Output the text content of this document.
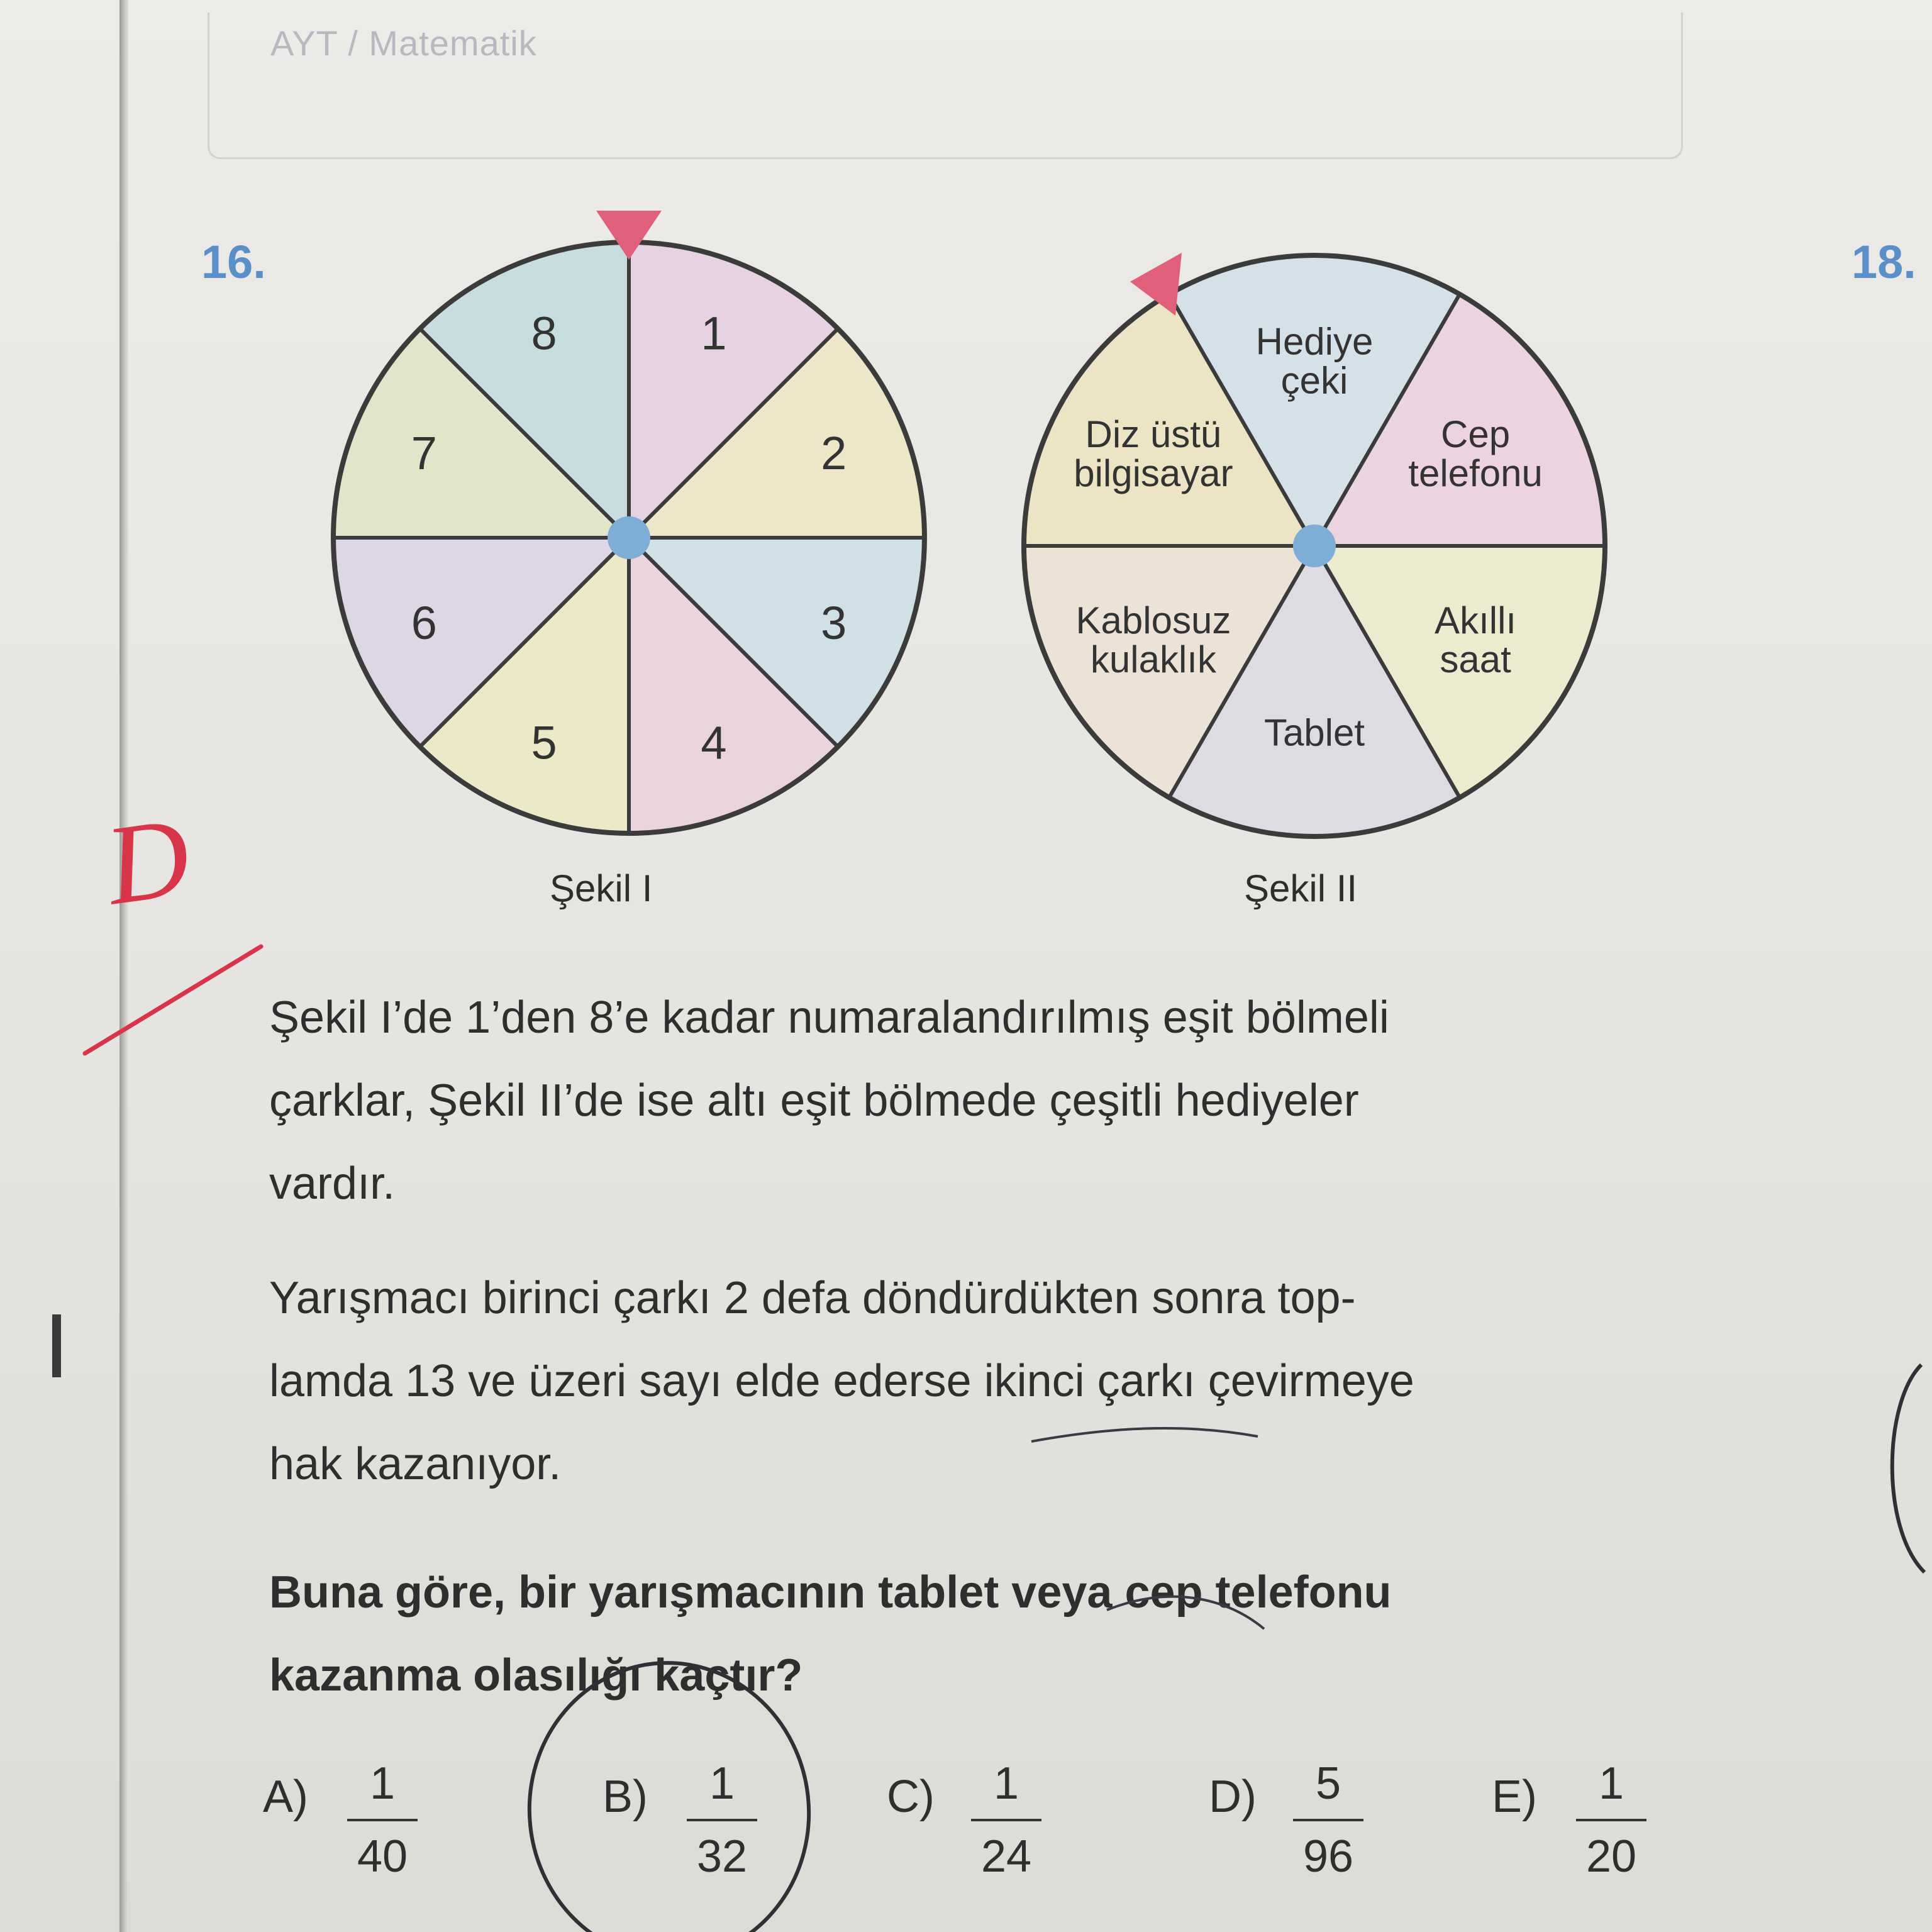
AYT / Matematik
16.	18.
8	1
2
3
4
5
6
7
Hediye
çeki
Cep
telefonu
Akıllı
saat
Tablet
Kablosuz
kulaklık
Diz üstü
bilgisayar
Şekil I	Şekil II
Şekil I’de 1’den 8’e kadar numaralandırılmış eşit bölmeli
çarklar, Şekil II’de ise altı eşit bölmede çeşitli hediyeler
vardır.
Yarışmacı birinci çarkı 2 defa döndürdükten sonra top-
lamda 13 ve üzeri sayı elde ederse ikinci çarkı çevirmeye
hak kazanıyor.
Buna göre, bir yarışmacının tablet veya cep telefonu
kazanma olasılığı kaçtır?
A)	1
40
B)	1
32
C)	1
24
D)	5
96
E)	1
20
D
